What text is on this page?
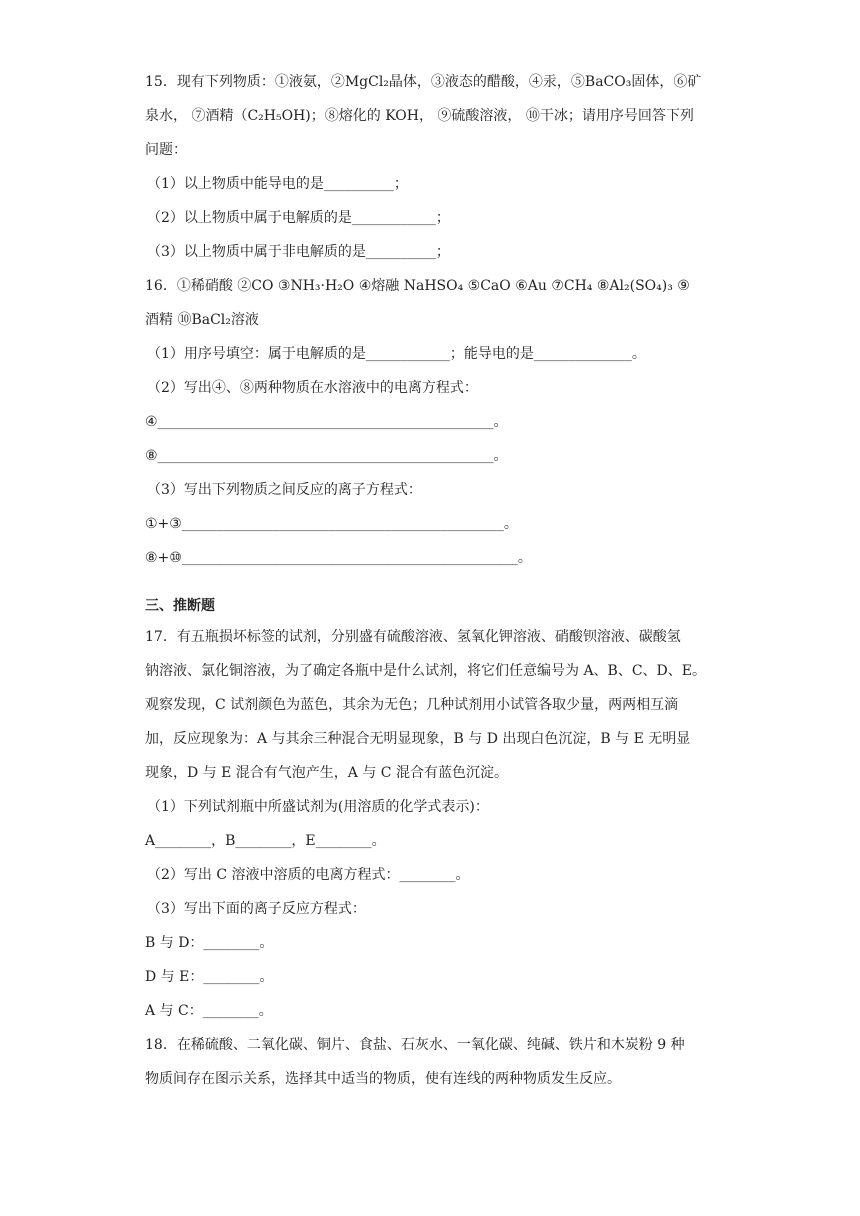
15．现有下列物质：①液氨，②MgCl₂晶体，③液态的醋酸，④汞，⑤BaCO₃固体，⑥矿
泉水， ⑦酒精（C₂H₅OH)；⑧熔化的 KOH， ⑨硫酸溶液， ⑩干冰；请用序号回答下列
问题：
（1）以上物质中能导电的是__________；
（2）以上物质中属于电解质的是____________；
（3）以上物质中属于非电解质的是__________；
16．①稀硝酸 ②CO ③NH₃·H₂O ④熔融 NaHSO₄ ⑤CaO ⑥Au ⑦CH₄ ⑧Al₂(SO₄)₃ ⑨
酒精 ⑩BaCl₂溶液
（1）用序号填空：属于电解质的是____________；能导电的是______________。
（2）写出④、⑧两种物质在水溶液中的电离方程式：
④________________________________________________。
⑧________________________________________________。
（3）写出下列物质之间反应的离子方程式：
①+③______________________________________________。
⑧+⑩________________________________________________。
三、推断题
17．有五瓶损坏标签的试剂，分别盛有硫酸溶液、氢氧化钾溶液、硝酸钡溶液、碳酸氢
钠溶液、氯化铜溶液，为了确定各瓶中是什么试剂，将它们任意编号为 A、B、C、D、E。
观察发现，C 试剂颜色为蓝色，其余为无色；几种试剂用小试管各取少量，两两相互滴
加，反应现象为：A 与其余三种混合无明显现象，B 与 D 出现白色沉淀，B 与 E 无明显
现象，D 与 E 混合有气泡产生，A 与 C 混合有蓝色沉淀。
（1）下列试剂瓶中所盛试剂为(用溶质的化学式表示)：
A________，B________，E________。
（2）写出 C 溶液中溶质的电离方程式：________。
（3）写出下面的离子反应方程式：
B 与 D：________。
D 与 E：________。
A 与 C：________。
18．在稀硫酸、二氧化碳、铜片、食盐、石灰水、一氧化碳、纯碱、铁片和木炭粉 9 种
物质间存在图示关系，选择其中适当的物质，使有连线的两种物质发生反应。
